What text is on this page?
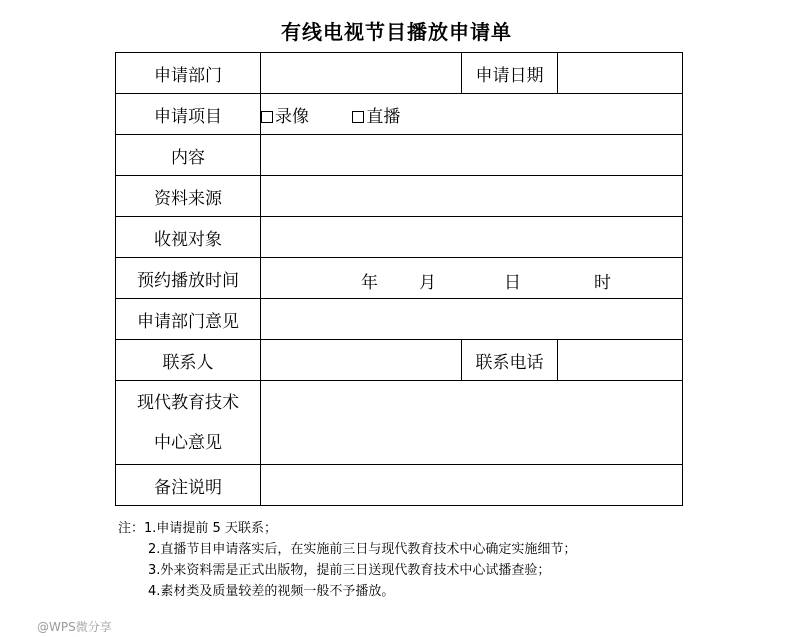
有线电视节目播放申请单
申请部门		申请日期	
申请项目	录像 直播		
内容			
资料来源			
收视对象			
预约播放时间	年 月 日 时		

申请部门意见			
联系人		联系电话	

现代教育技术
中心意见			

备注说明			
注：1.申请提前 5 天联系；
2.直播节目申请落实后，在实施前三日与现代教育技术中心确定实施细节；
3.外来资料需是正式出版物，提前三日送现代教育技术中心试播查验；
4.素材类及质量较差的视频一般不予播放。
@WPS微分享
